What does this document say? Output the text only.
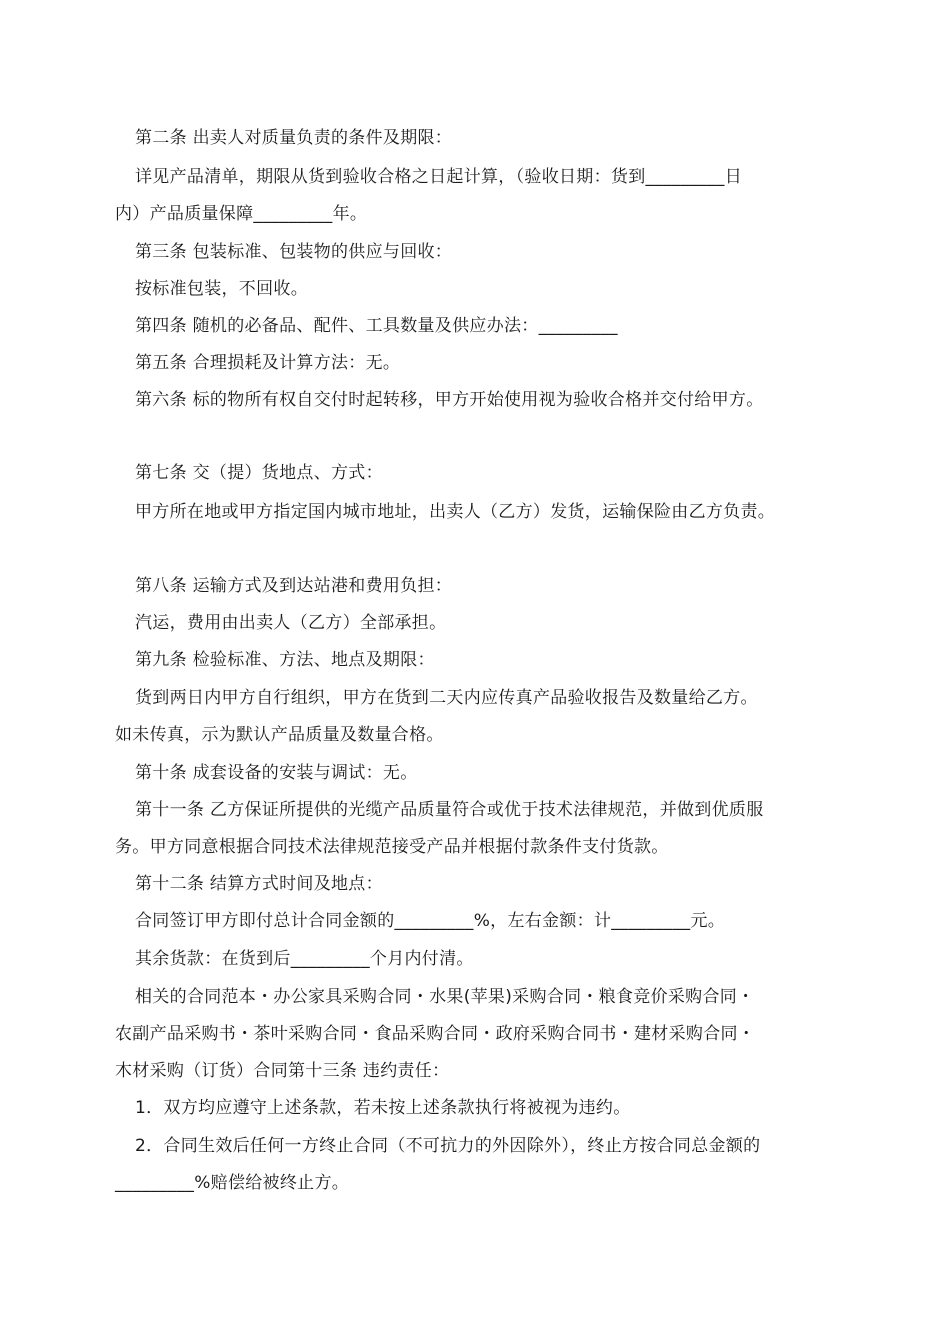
第二条 出卖人对质量负责的条件及期限：
详见产品清单，期限从货到验收合格之日起计算，（验收日期：货到_________日
内）产品质量保障_________年。
第三条 包装标准、包装物的供应与回收：
按标准包装，不回收。
第四条 随机的必备品、配件、工具数量及供应办法：_________
第五条 合理损耗及计算方法：无。
第六条 标的物所有权自交付时起转移，甲方开始使用视为验收合格并交付给甲方。
第七条 交（提）货地点、方式：
甲方所在地或甲方指定国内城市地址，出卖人（乙方）发货，运输保险由乙方负责。
第八条 运输方式及到达站港和费用负担：
汽运，费用由出卖人（乙方）全部承担。
第九条 检验标准、方法、地点及期限：
货到两日内甲方自行组织，甲方在货到二天内应传真产品验收报告及数量给乙方。
如未传真，示为默认产品质量及数量合格。
第十条 成套设备的安装与调试：无。
第十一条 乙方保证所提供的光缆产品质量符合或优于技术法律规范，并做到优质服
务。甲方同意根据合同技术法律规范接受产品并根据付款条件支付货款。
第十二条 结算方式时间及地点：
合同签订甲方即付总计合同金额的_________%，左右金额：计_________元。
其余货款：在货到后_________个月内付清。
相关的合同范本・办公家具采购合同・水果(苹果)采购合同・粮食竞价采购合同・
农副产品采购书・茶叶采购合同・食品采购合同・政府采购合同书・建材采购合同・
木材采购（订货）合同第十三条 违约责任：
1．双方均应遵守上述条款，若未按上述条款执行将被视为违约。
2．合同生效后任何一方终止合同（不可抗力的外因除外），终止方按合同总金额的
_________%赔偿给被终止方。
